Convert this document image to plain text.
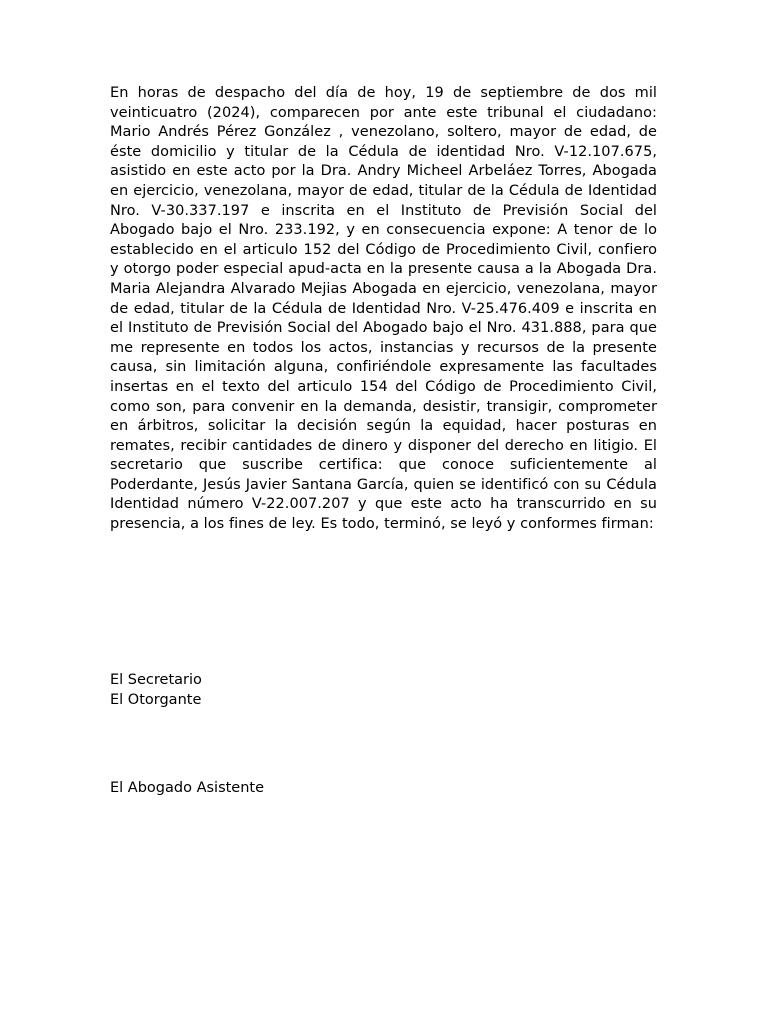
En horas de despacho del día de hoy, 19 de septiembre de dos mil veinticuatro (2024), comparecen por ante este tribunal el ciudadano: Mario Andrés Pérez González , venezolano, soltero, mayor de edad, de éste domicilio y titular de la Cédula de identidad Nro. V-12.107.675, asistido en este acto por la Dra. Andry Micheel Arbeláez Torres, Abogada en ejercicio, venezolana, mayor de edad, titular de la Cédula de Identidad Nro. V-30.337.197 e inscrita en el Instituto de Previsión Social del Abogado bajo el Nro. 233.192, y en consecuencia expone: A tenor de lo establecido en el articulo 152 del Código de Procedimiento Civil, confiero y otorgo poder especial apud-acta en la presente causa a la Abogada Dra. Maria Alejandra Alvarado Mejias Abogada en ejercicio, venezolana, mayor de edad, titular de la Cédula de Identidad Nro. V-25.476.409 e inscrita en el Instituto de Previsión Social del Abogado bajo el Nro. 431.888, para que me represente en todos los actos, instancias y recursos de la presente causa, sin limitación alguna, confiriéndole expresamente las facultades insertas en el texto del articulo 154 del Código de Procedimiento Civil, como son, para convenir en la demanda, desistir, transigir, comprometer en árbitros, solicitar la decisión según la equidad, hacer posturas en remates, recibir cantidades de dinero y disponer del derecho en litigio. El secretario que suscribe certifica: que conoce suficientemente al Poderdante, Jesús Javier Santana García, quien se identificó con su Cédula Identidad número V-22.007.207 y que este acto ha transcurrido en su presencia, a los fines de ley. Es todo, terminó, se leyó y conformes firman:

El Secretario

El Otorgante

El Abogado Asistente
